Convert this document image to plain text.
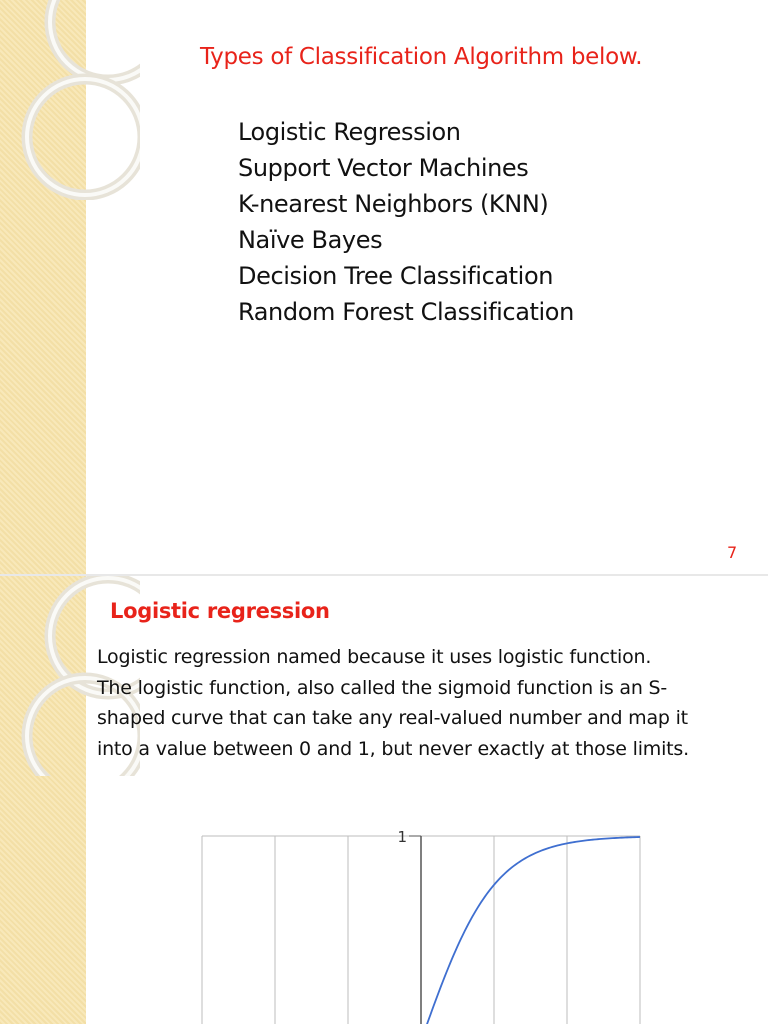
Types of Classification Algorithm below.
Logistic Regression
Support Vector Machines
K-nearest Neighbors (KNN)
Naïve Bayes
Decision Tree Classification
Random Forest Classification
7
Logistic regression

Logistic regression named because it uses logistic function.
The logistic function, also called the sigmoid function is an S-
shaped curve that can take any real-valued number and map it
into a value between 0 and 1, but never exactly at those limits.

1
